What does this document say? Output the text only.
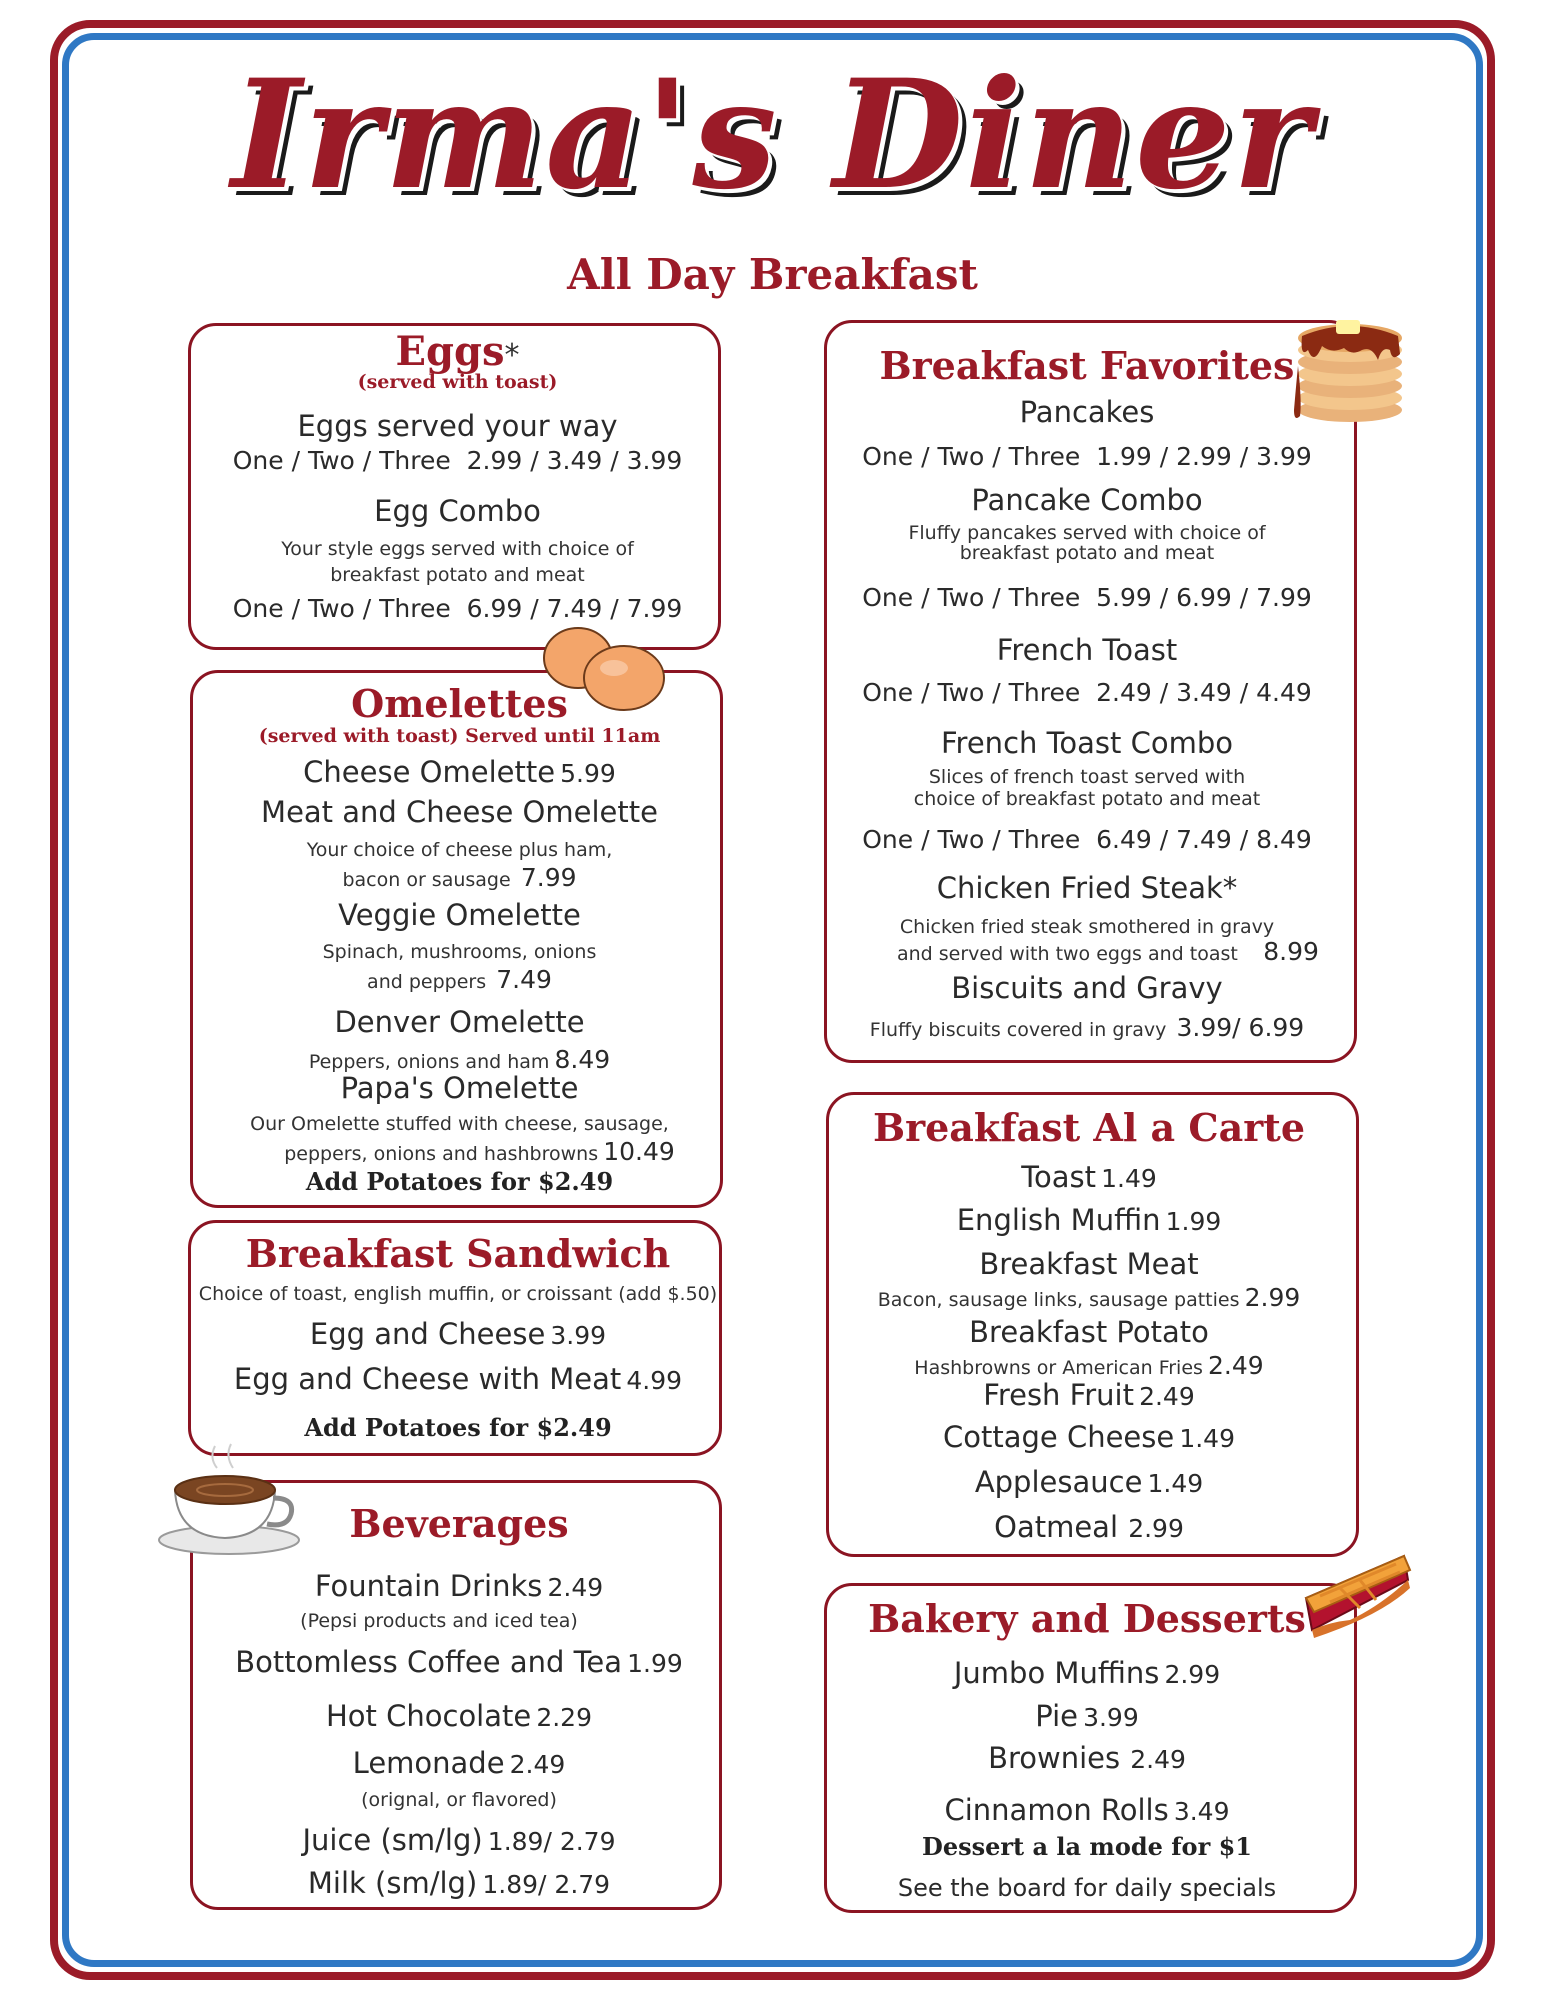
Irma's Diner
All Day Breakfast
Eggs*
(served with toast)
Eggs served your way
One / Two / Three 2.99 / 3.49 / 3.99
Egg Combo
Your style eggs served with choice of
breakfast potato and meat
One / Two / Three 6.99 / 7.49 / 7.99
Omelettes
(served with toast) Served until 11am
Cheese Omelette 5.99
Meat and Cheese Omelette
Your choice of cheese plus ham,
bacon or sausage 7.99
Veggie Omelette
Spinach, mushrooms, onions
and peppers 7.49
Denver Omelette
Peppers, onions and ham 8.49
Papa's Omelette
Our Omelette stuffed with cheese, sausage,
peppers, onions and hashbrowns 10.49
Add Potatoes for $2.49
Breakfast Sandwich
Choice of toast, english muffin, or croissant (add $.50)
Egg and Cheese 3.99
Egg and Cheese with Meat 4.99
Add Potatoes for $2.49
Beverages
Fountain Drinks 2.49
(Pepsi products and iced tea)
Bottomless Coffee and Tea 1.99
Hot Chocolate 2.29
Lemonade 2.49
(orignal, or flavored)
Juice (sm/lg) 1.89/ 2.79
Milk (sm/lg) 1.89/ 2.79
Breakfast Favorites
Pancakes
One / Two / Three 1.99 / 2.99 / 3.99
Pancake Combo
Fluffy pancakes served with choice of
breakfast potato and meat
One / Two / Three 5.99 / 6.99 / 7.99
French Toast
One / Two / Three 2.49 / 3.49 / 4.49
French Toast Combo
Slices of french toast served with
choice of breakfast potato and meat
One / Two / Three 6.49 / 7.49 / 8.49
Chicken Fried Steak*
Chicken fried steak smothered in gravy
and served with two eggs and toast 8.99
Biscuits and Gravy
Fluffy biscuits covered in gravy 3.99/ 6.99
Breakfast Al a Carte
Toast 1.49
English Muffin 1.99
Breakfast Meat
Bacon, sausage links, sausage patties 2.99
Breakfast Potato
Hashbrowns or American Fries 2.49
Fresh Fruit 2.49
Cottage Cheese 1.49
Applesauce 1.49
Oatmeal 2.99
Bakery and Desserts
Jumbo Muffins 2.99
Pie 3.99
Brownies 2.49
Cinnamon Rolls 3.49
Dessert a la mode for $1
See the board for daily specials
